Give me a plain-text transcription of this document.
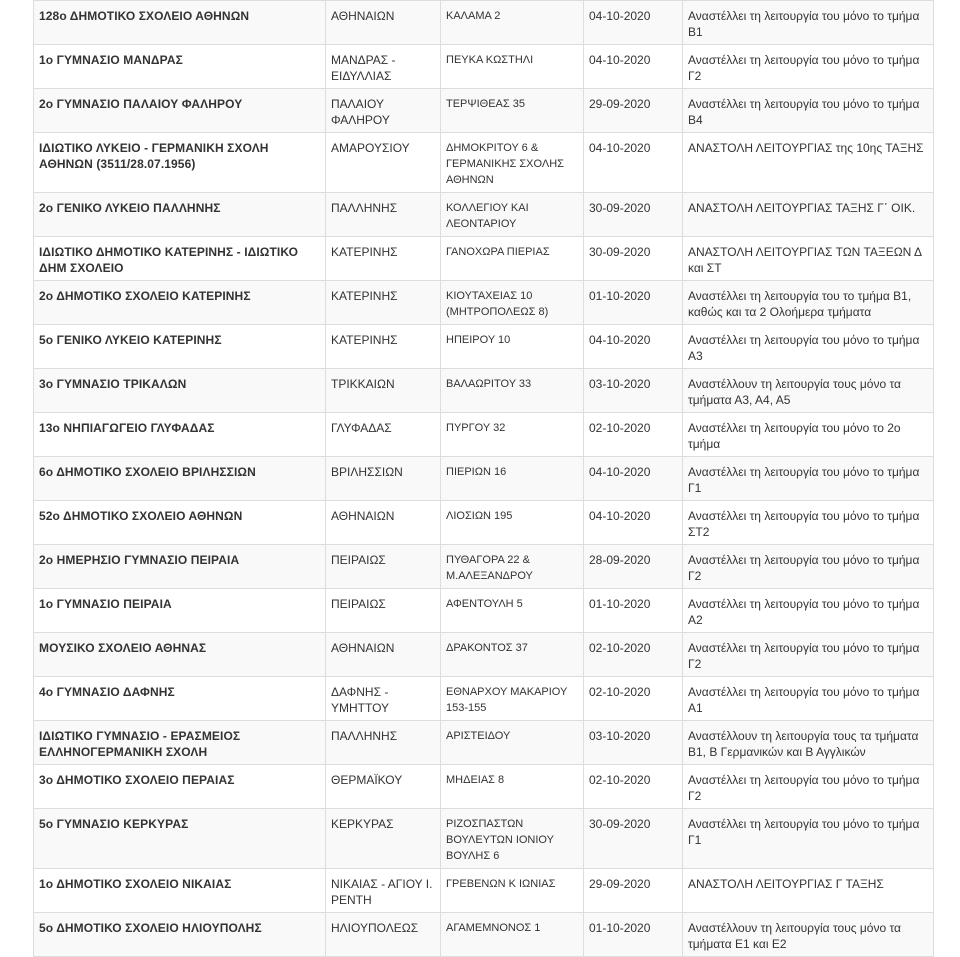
128ο ΔΗΜΟΤΙΚΟ ΣΧΟΛΕΙΟ ΑΘΗΝΩΝ	ΑΘΗΝΑΙΩΝ	ΚΑΛΑΜΑ 2	04-10-2020	Αναστέλλει τη λειτουργία του μόνο το τμήμα Β1
1ο ΓΥΜΝΑΣΙΟ ΜΑΝΔΡΑΣ	ΜΑΝΔΡΑΣ - ΕΙΔΥΛΛΙΑΣ	ΠΕΥΚΑ ΚΩΣΤΗΛΙ	04-10-2020	Αναστέλλει τη λειτουργία του μόνο το τμήμα Γ2
2ο ΓΥΜΝΑΣΙΟ ΠΑΛΑΙΟΥ ΦΑΛΗΡΟΥ	ΠΑΛΑΙΟΥ ΦΑΛΗΡΟΥ	ΤΕΡΨΙΘΕΑΣ 35	29-09-2020	Αναστέλλει τη λειτουργία του μόνο το τμήμα Β4
ΙΔΙΩΤΙΚΟ ΛΥΚΕΙΟ - ΓΕΡΜΑΝΙΚΗ ΣΧΟΛΗ ΑΘΗΝΩΝ (3511/28.07.1956)	ΑΜΑΡΟΥΣΙΟΥ	ΔΗΜΟΚΡΙΤΟΥ 6 & ΓΕΡΜΑΝΙΚΗΣ ΣΧΟΛΗΣ ΑΘΗΝΩΝ	04-10-2020	ΑΝΑΣΤΟΛΗ ΛΕΙΤΟΥΡΓΙΑΣ της 10ης ΤΑΞΗΣ
2ο ΓΕΝΙΚΟ ΛΥΚΕΙΟ ΠΑΛΛΗΝΗΣ	ΠΑΛΛΗΝΗΣ	ΚΟΛΛΕΓΙΟΥ ΚΑΙ ΛΕΟΝΤΑΡΙΟΥ	30-09-2020	ΑΝΑΣΤΟΛΗ ΛΕΙΤΟΥΡΓΙΑΣ ΤΑΞΗΣ Γ΄ ΟΙΚ.
ΙΔΙΩΤΙΚΟ ΔΗΜΟΤΙΚΟ ΚΑΤΕΡΙΝΗΣ - ΙΔΙΩΤΙΚΟ ΔΗΜ ΣΧΟΛΕΙΟ	ΚΑΤΕΡΙΝΗΣ	ΓΑΝΟΧΩΡΑ ΠΙΕΡΙΑΣ	30-09-2020	ΑΝΑΣΤΟΛΗ ΛΕΙΤΟΥΡΓΙΑΣ ΤΩΝ ΤΑΞΕΩΝ Δ και ΣΤ
2ο ΔΗΜΟΤΙΚΟ ΣΧΟΛΕΙΟ ΚΑΤΕΡΙΝΗΣ	ΚΑΤΕΡΙΝΗΣ	ΚΙΟΥΤΑΧΕΙΑΣ 10 (ΜΗΤΡΟΠΟΛΕΩΣ 8)	01-10-2020	Αναστέλλει τη λειτουργία του το τμήμα Β1, καθώς και τα 2 Ολοήμερα τμήματα
5ο ΓΕΝΙΚΟ ΛΥΚΕΙΟ ΚΑΤΕΡΙΝΗΣ	ΚΑΤΕΡΙΝΗΣ	ΗΠΕΙΡΟΥ 10	04-10-2020	Αναστέλλει τη λειτουργία του μόνο το τμήμα Α3
3ο ΓΥΜΝΑΣΙΟ ΤΡΙΚΑΛΩΝ	ΤΡΙΚΚΑΙΩΝ	ΒΑΛΑΩΡΙΤΟΥ 33	03-10-2020	Αναστέλλουν τη λειτουργία τους μόνο τα τμήματα Α3, Α4, Α5
13ο ΝΗΠΙΑΓΩΓΕΙΟ ΓΛΥΦΑΔΑΣ	ΓΛΥΦΑΔΑΣ	ΠΥΡΓΟΥ 32	02-10-2020	Αναστέλλει τη λειτουργία του μόνο το 2ο τμήμα
6ο ΔΗΜΟΤΙΚΟ ΣΧΟΛΕΙΟ ΒΡΙΛΗΣΣΙΩΝ	ΒΡΙΛΗΣΣΙΩΝ	ΠΙΕΡΙΩΝ 16	04-10-2020	Αναστέλλει τη λειτουργία του μόνο το τμήμα Γ1
52ο ΔΗΜΟΤΙΚΟ ΣΧΟΛΕΙΟ ΑΘΗΝΩΝ	ΑΘΗΝΑΙΩΝ	ΛΙΟΣΙΩΝ 195	04-10-2020	Αναστέλλει τη λειτουργία του μόνο το τμήμα ΣΤ2
2ο ΗΜΕΡΗΣΙΟ ΓΥΜΝΑΣΙΟ ΠΕΙΡΑΙΑ	ΠΕΙΡΑΙΩΣ	ΠΥΘΑΓΟΡΑ 22 & Μ.ΑΛΕΞΑΝΔΡΟΥ	28-09-2020	Αναστέλλει τη λειτουργία του μόνο το τμήμα Γ2
1ο ΓΥΜΝΑΣΙΟ ΠΕΙΡΑΙΑ	ΠΕΙΡΑΙΩΣ	ΑΦΕΝΤΟΥΛΗ 5	01-10-2020	Αναστέλλει τη λειτουργία του μόνο το τμήμα Α2
ΜΟΥΣΙΚΟ ΣΧΟΛΕΙΟ ΑΘΗΝΑΣ	ΑΘΗΝΑΙΩΝ	ΔΡΑΚΟΝΤΟΣ 37	02-10-2020	Αναστέλλει τη λειτουργία του μόνο το τμήμα Γ2
4ο ΓΥΜΝΑΣΙΟ ΔΑΦΝΗΣ	ΔΑΦΝΗΣ - ΥΜΗΤΤΟΥ	ΕΘΝΑΡΧΟΥ ΜΑΚΑΡΙΟΥ 153-155	02-10-2020	Αναστέλλει τη λειτουργία του μόνο το τμήμα Α1
ΙΔΙΩΤΙΚΟ ΓΥΜΝΑΣΙΟ - ΕΡΑΣΜΕΙΟΣ ΕΛΛΗΝΟΓΕΡΜΑΝΙΚΗ ΣΧΟΛΗ	ΠΑΛΛΗΝΗΣ	ΑΡΙΣΤΕΙΔΟΥ	03-10-2020	Αναστέλλουν τη λειτουργία τους τα τμήματα Β1, Β Γερμανικών και Β Αγγλικών
3ο ΔΗΜΟΤΙΚΟ ΣΧΟΛΕΙΟ ΠΕΡΑΙΑΣ	ΘΕΡΜΑΪΚΟΥ	ΜΗΔΕΙΑΣ 8	02-10-2020	Αναστέλλει τη λειτουργία του μόνο το τμήμα Γ2
5ο ΓΥΜΝΑΣΙΟ ΚΕΡΚΥΡΑΣ	ΚΕΡΚΥΡΑΣ	ΡΙΖΟΣΠΑΣΤΩΝ ΒΟΥΛΕΥΤΩΝ ΙΟΝΙΟΥ ΒΟΥΛΗΣ 6	30-09-2020	Αναστέλλει τη λειτουργία του μόνο το τμήμα Γ1
1ο ΔΗΜΟΤΙΚΟ ΣΧΟΛΕΙΟ ΝΙΚΑΙΑΣ	ΝΙΚΑΙΑΣ - ΑΓΙΟΥ Ι. ΡΕΝΤΗ	ΓΡΕΒΕΝΩΝ Κ ΙΩΝΙΑΣ	29-09-2020	ΑΝΑΣΤΟΛΗ ΛΕΙΤΟΥΡΓΙΑΣ Γ ΤΑΞΗΣ
5ο ΔΗΜΟΤΙΚΟ ΣΧΟΛΕΙΟ ΗΛΙΟΥΠΟΛΗΣ	ΗΛΙΟΥΠΟΛΕΩΣ	ΑΓΑΜΕΜΝΟΝΟΣ 1	01-10-2020	Αναστέλλουν τη λειτουργία τους μόνο τα τμήματα Ε1 και Ε2
